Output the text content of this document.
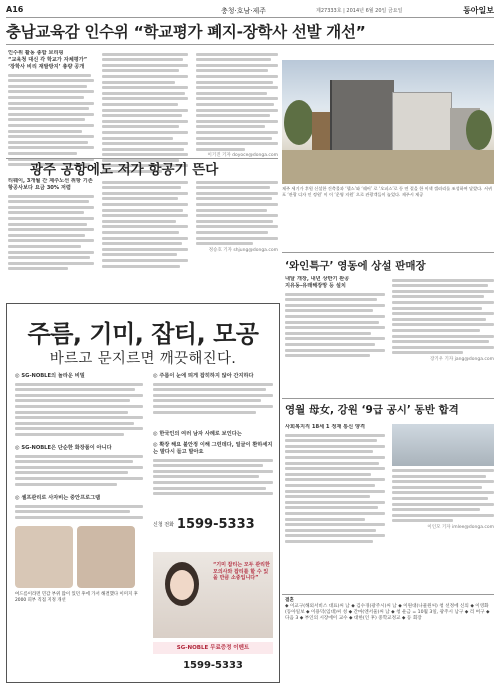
A16	충청·호남·제주	제27333호 | 2014년 6월 20일 금요일	동아일보
충남교육감 인수위 “학교평가 폐지-장학사 선발 개선”
인수위 활동 종합 브리핑
“교육청 대신 각 학교가 자체평가”
‘장학사 비리 재발방지’ 총량 공개
이기진 기자 doyoce@donga.com
제주 세기가 후원 신설한 건축물과 ‘헬스’와 ‘쉐어’ 로 ‘오피스’로 등 연 결을 한 이색 갤러리를 조성하여 달랐다. 서귀포 ‘관광 디자 인 정원’ 이 이 ‘운영 지원’ 으로 관광객들이 늘었다. 제주시 제공
광주 공항에도 저가 항공기 뜬다
티웨이, 3개월 간 제주노선 취항 기존 항공사보다 요금 30% 저렴
정승호 기자 shjung@donga.com
주름, 기미, 잡티, 모공
바르고 문지르면 깨끗해진다.
◎ SG-NOBLE의 놀라운 비밀
◎ SG-NOBLE은 단순한 화장품이 아니다
◎ 셀프관리로 사자비는 중안프로그램
여드름이라면 민감 부위 많이 있던 후에 가서 해결했다 이미지 후 2000 피부 직접 지정 개선
◎ 주름이 눈에 띄게 잡히하지 않아 간지하다
◎ 한국인의 여러 남자 사례로 보인다는
◎ 확장 해요 불안정 이해 그런데다, 얼굴이 환하세지는 말다시 들고 말아요
신청 전화 1599-5333
“기미 잡티는 모두 관리한 모의사와 잡티를 할 수 있을 만큼 소중입니다”
SG-NOBLE 무료증정 이벤트
1599-5333
‘와인특구’ 영동에 상설 판매장
내달 개장, 내년 상반기 완공
지유동-유래해장망 등 설치
장기우 기자 jang@donga.com
영월 母女, 강원 ‘9급 공시’ 동반 합격
사회복지직 18세 1 정재 통신 양격
이인모 기자 imlee@donga.com
결혼
◆ 이교구(해외서비스 대표)씨 남 ◆ 김수경(광주시)씨 남 ◆ 이원대(나물원씨) 청 선정에 신의 ◆ 이영화(동아일보 ◆ 이용덕(임대)씨 성 ◆ 간마(엔서울)씨 남 ◆ 청 운금 = 10월 3일, 광주시 남구 ◆ 리 여구 ◆ 다음 3 ◆ 부인의 시장에이 교수 ◆ 대한(인 후) 중학교정교 ◆ 등 회장
